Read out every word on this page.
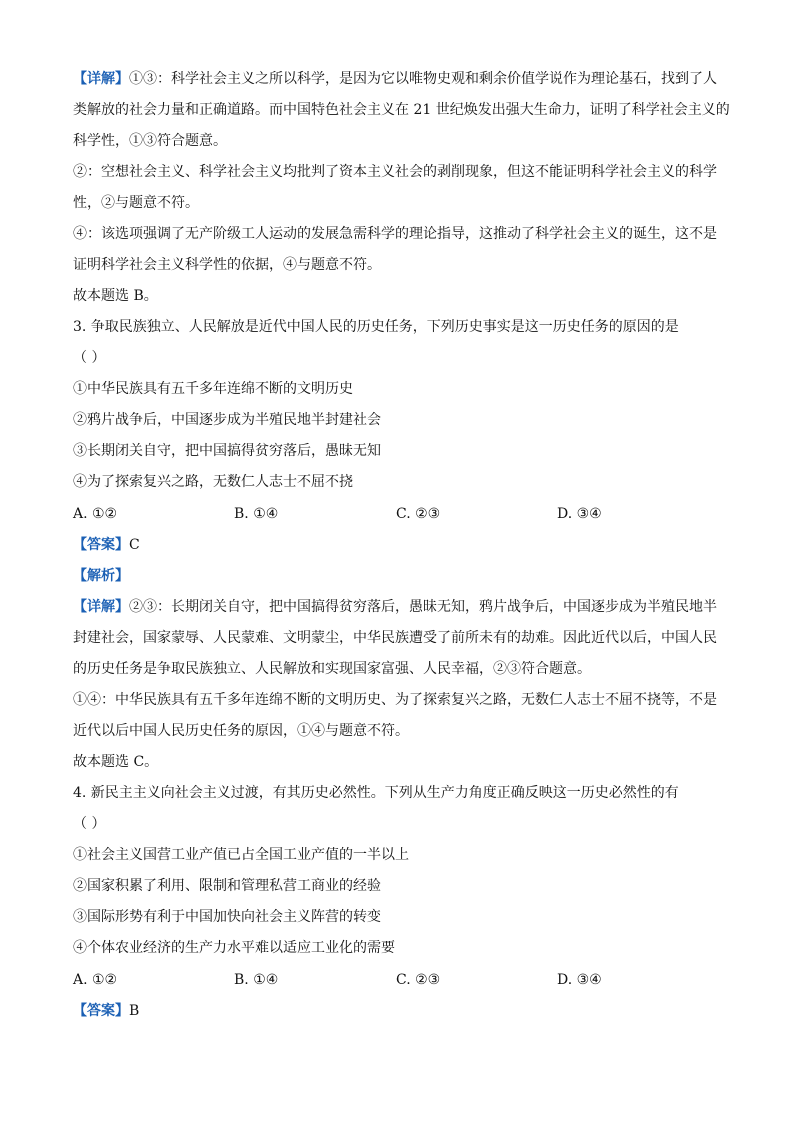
【详解】①③：科学社会主义之所以科学，是因为它以唯物史观和剩余价值学说作为理论基石，找到了人
类解放的社会力量和正确道路。而中国特色社会主义在 21 世纪焕发出强大生命力，证明了科学社会主义的
科学性，①③符合题意。
②：空想社会主义、科学社会主义均批判了资本主义社会的剥削现象，但这不能证明科学社会主义的科学
性，②与题意不符。
④：该选项强调了无产阶级工人运动的发展急需科学的理论指导，这推动了科学社会主义的诞生，这不是
证明科学社会主义科学性的依据，④与题意不符。
故本题选 B。
3. 争取民族独立、人民解放是近代中国人民的历史任务，下列历史事实是这一历史任务的原因的是
（ ）
①中华民族具有五千多年连绵不断的文明历史
②鸦片战争后，中国逐步成为半殖民地半封建社会
③长期闭关自守，把中国搞得贫穷落后，愚昧无知
④为了探索复兴之路，无数仁人志士不屈不挠
A. ①②	B. ①④	C. ②③	D. ③④
【答案】C
【解析】
【详解】②③：长期闭关自守，把中国搞得贫穷落后，愚昧无知，鸦片战争后，中国逐步成为半殖民地半
封建社会，国家蒙辱、人民蒙难、文明蒙尘，中华民族遭受了前所未有的劫难。因此近代以后，中国人民
的历史任务是争取民族独立、人民解放和实现国家富强、人民幸福，②③符合题意。
①④：中华民族具有五千多年连绵不断的文明历史、为了探索复兴之路，无数仁人志士不屈不挠等，不是
近代以后中国人民历史任务的原因，①④与题意不符。
故本题选 C。
4. 新民主主义向社会主义过渡，有其历史必然性。下列从生产力角度正确反映这一历史必然性的有
（ ）
①社会主义国营工业产值已占全国工业产值的一半以上
②国家积累了利用、限制和管理私营工商业的经验
③国际形势有利于中国加快向社会主义阵营的转变
④个体农业经济的生产力水平难以适应工业化的需要
A. ①②	B. ①④	C. ②③	D. ③④
【答案】B
